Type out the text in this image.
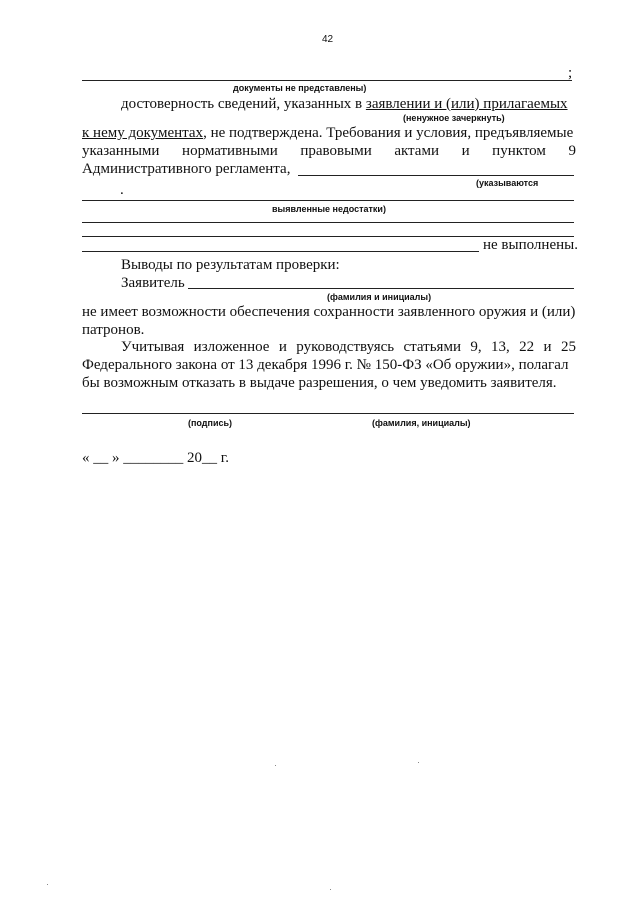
42
;
документы не представлены)
достоверность сведений, указанных в заявлении и (или) прилагаемых
(ненужное зачеркнуть)
к нему документах, не подтверждена. Требования и условия, предъявляемые
указанными нормативными правовыми актами и пунктом 9
Административного регламента,
(указываются
.
выявленные недостатки)
не выполнены.
Выводы по результатам проверки:
Заявитель
(фамилия и инициалы)
не имеет возможности обеспечения сохранности заявленного оружия и (или)
патронов.
Учитывая изложенное и руководствуясь статьями 9, 13, 22 и 25
Федерального закона от 13 декабря 1996 г. № 150-ФЗ «Об оружии», полагал
бы возможным отказать в выдаче разрешения, о чем уведомить заявителя.
(подпись)	(фамилия, инициалы)
« __ » ________ 20__ г.
